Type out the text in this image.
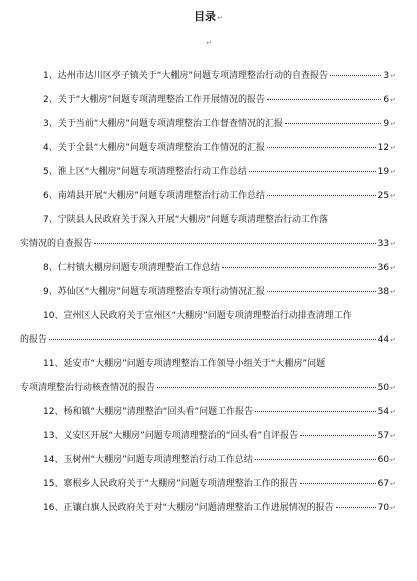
目录↵
↵
1、达州市达川区亭子镇关于“大棚房”问题专项清理整治行动的自查报告	3 ↵
2、关于“大棚房”问题专项清理整治工作开展情况的报告	6 ↵
3、关于当前“大棚房”问题专项清理整治工作督查情况的汇报	9 ↵
4、关于全县“大棚房”问题专项清理整治工作情况的汇报	12 ↵
5、淮上区“大棚房”问题专项清理整治行动工作总结	19 ↵
6、南靖县开展“大棚房”问题专项清理整治行动工作总结	25 ↵
7、宁陕县人民政府关于深入开展“大棚房”问题专项清理整治行动工作落
实情况的自查报告	33 ↵
8、仁村镇大棚房问题专项清理整治工作总结	36 ↵
9、苏仙区“大棚房”问题专项清理整治专项行动情况汇报	38 ↵
10、宣州区人民政府关于宣州区“大棚房”问题专项清理整治行动排查清理工作
的报告	44 ↵
11、延安市“大棚房”问题专项清理整治工作领导小组关于“大棚房”问题
专项清理整治行动核查情况的报告	50 ↵
12、杨和镇“大棚房”清理整治“回头看”问题工作报告	54 ↵
13、义安区开展“大棚房”问题专项清理整治的“回头看”自评报告	57 ↵
14、玉树州“大棚房”问题专项清理整治行动工作总结	60 ↵
15、寨根乡人民政府关于“大棚房”问题专项清理整治工作的报告	67 ↵
16、正镶白旗人民政府关于对“大棚房”问题清理整治工作进展情况的报告	70 ↵
